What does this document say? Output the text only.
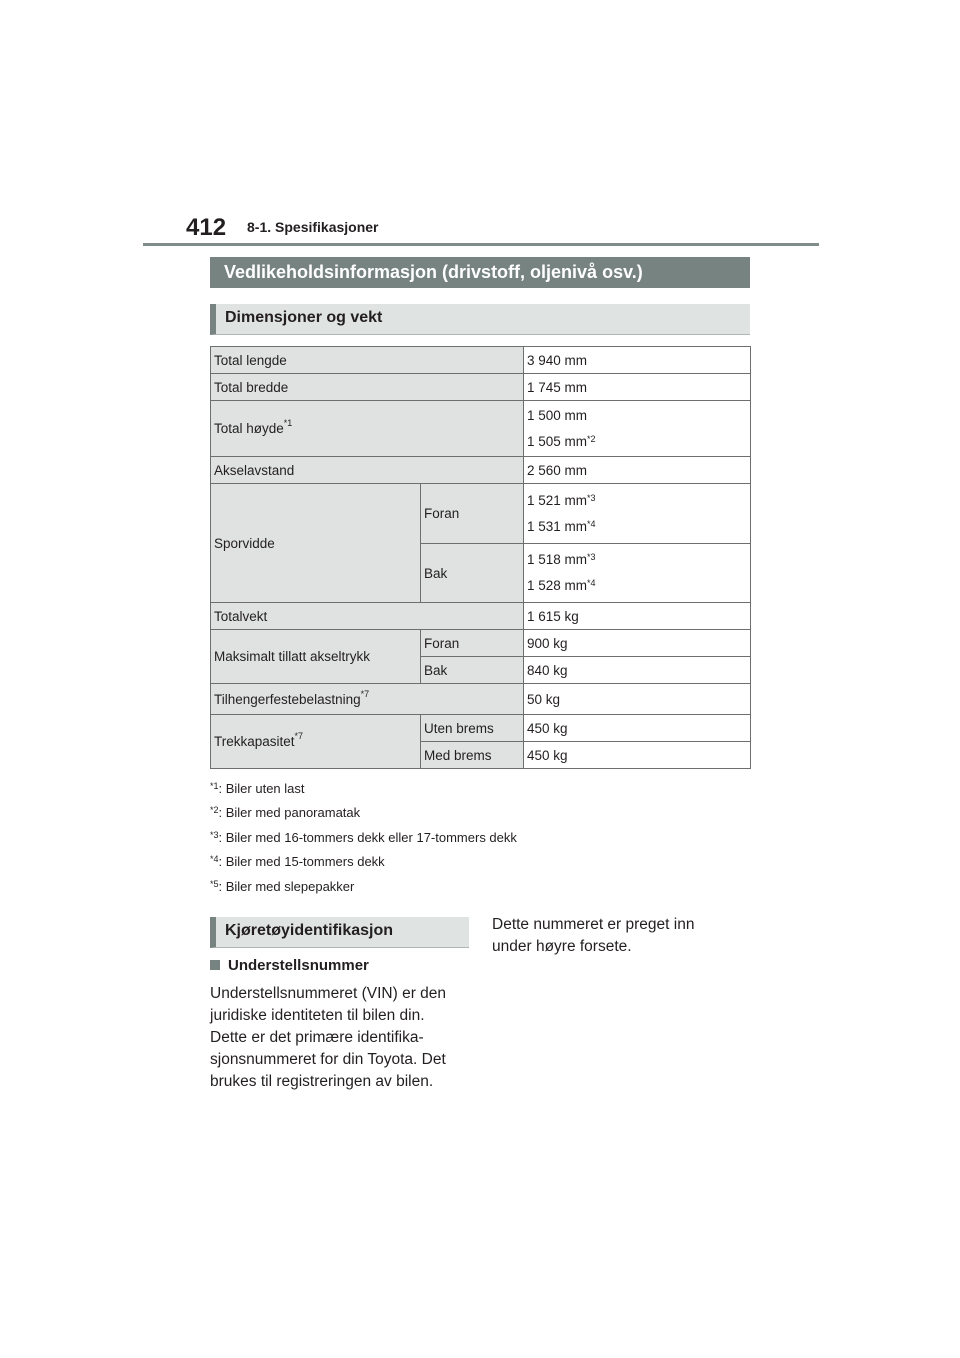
412 8-1. Spesifikasjoner
Vedlikeholdsinformasjon (drivstoff, oljenivå osv.)
Dimensjoner og vekt
Total lengde		3 940 mm
Total bredde		1 745 mm
Total høyde$^{*1}$		1 500 mm
1 505 $mm^{*2}$

Akselavstand		2 560 mm
Sporvidde	Foran	1 521 $mm^{*3}$
1 531 $mm^{*4}$

	Bak	1 518 $mm^{*3}$
1 528 $mm^{*4}$

Totalvekt		1 615 kg
Maksimalt tillatt akseltrykk	Foran	900 kg
	Bak	840 kg
Tilhengerfestebelastning$^{*7}$		50 kg
Trekkapasitet$^{*7}$	Uten brems	450 kg
	Med brems	450 kg
$^{*1}$: Biler uten last
$^{*2}$: Biler med panoramatak
$^{*3}$: Biler med 16-tommers dekk eller 17-tommers dekk
$^{*4}$: Biler med 15-tommers dekk
$^{*5}$: Biler med slepepakker
Kjøretøyidentifikasjon
Understellsnummer

Understellsnummeret (VIN) er den

juridiske identiteten til bilen din.

Dette er det primære identifika-

sjonsnummeret for din Toyota. Det

brukes til registreringen av bilen.

Dette nummeret er preget inn

under høyre forsete.
